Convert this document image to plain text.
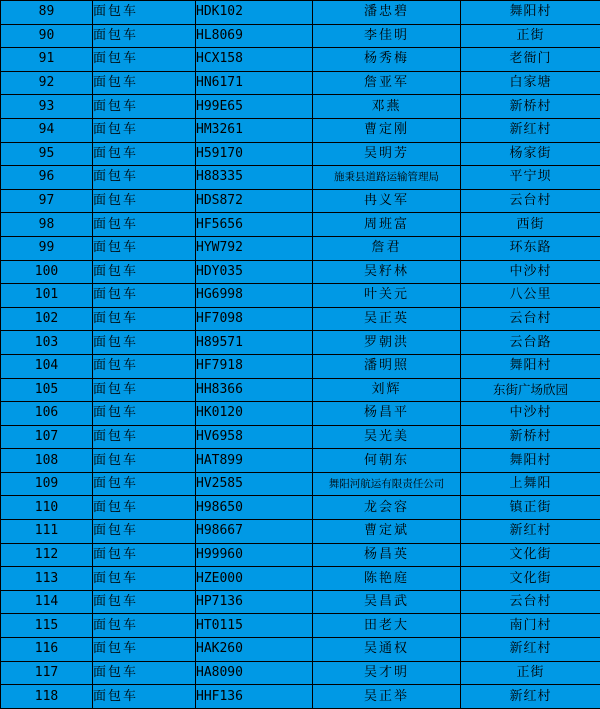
89	面包车	HDK102	潘忠碧	舞阳村
90	面包车	HL8069	李佳明	正街
91	面包车	HCX158	杨秀梅	老衙门
92	面包车	HN6171	詹亚军	白家塘
93	面包车	H99E65	邓燕	新桥村
94	面包车	HM3261	曹定刚	新红村
95	面包车	H59170	吴明芳	杨家街
96	面包车	H88335	施秉县道路运输管理局	平宁坝
97	面包车	HDS872	冉义军	云台村
98	面包车	HF5656	周班富	西街
99	面包车	HYW792	詹君	环东路
100	面包车	HDY035	吴籽林	中沙村
101	面包车	HG6998	叶关元	八公里
102	面包车	HF7098	吴正英	云台村
103	面包车	H89571	罗朝洪	云台路
104	面包车	HF7918	潘明照	舞阳村
105	面包车	HH8366	刘辉	东街广场欣园
106	面包车	HK0120	杨昌平	中沙村
107	面包车	HV6958	吴光美	新桥村
108	面包车	HAT899	何朝东	舞阳村
109	面包车	HV2585	舞阳河航运有限责任公司	上舞阳
110	面包车	H98650	龙会容	镇正街
111	面包车	H98667	曹定斌	新红村
112	面包车	H99960	杨昌英	文化街
113	面包车	HZE000	陈艳庭	文化街
114	面包车	HP7136	吴昌武	云台村
115	面包车	HT0115	田老大	南门村
116	面包车	HAK260	吴通权	新红村
117	面包车	HA8090	吴才明	正街
118	面包车	HHF136	吴正举	新红村
